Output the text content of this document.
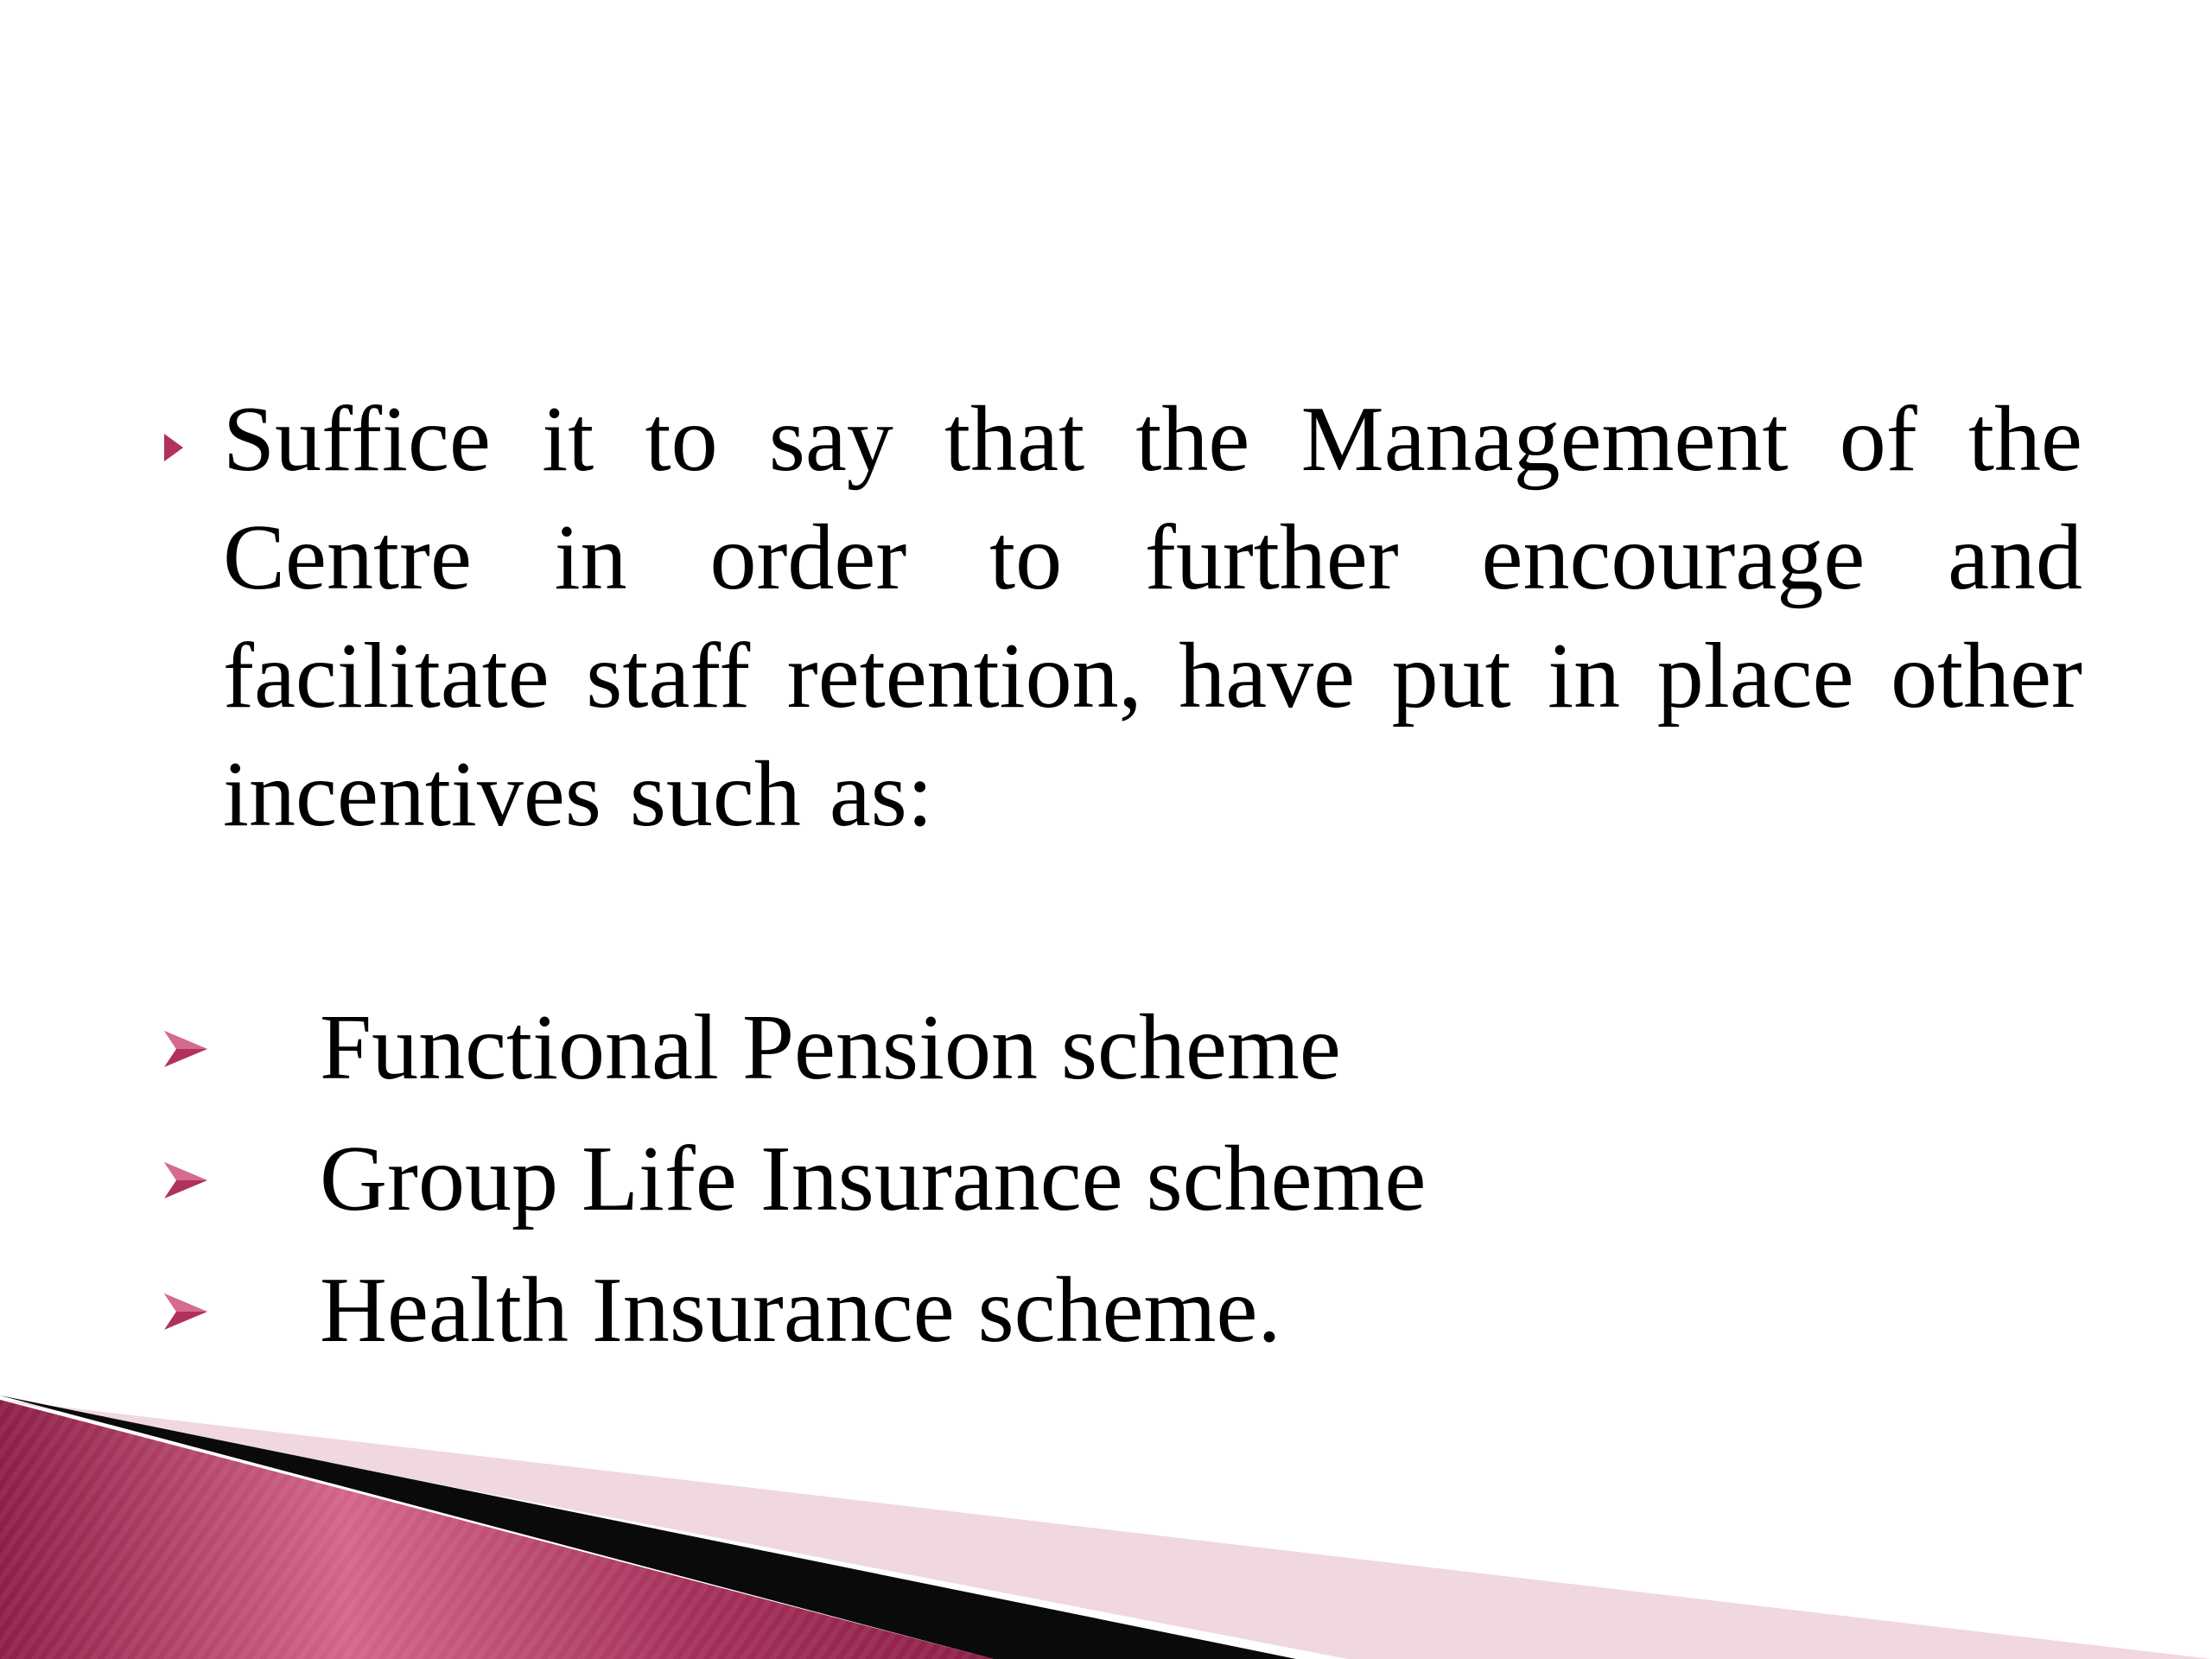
Suffice it to say that the Management of the Centre in order to further encourage and facilitate staff retention, have put in place other incentives such as:
Functional Pension scheme
Group Life Insurance scheme
Health Insurance scheme.
